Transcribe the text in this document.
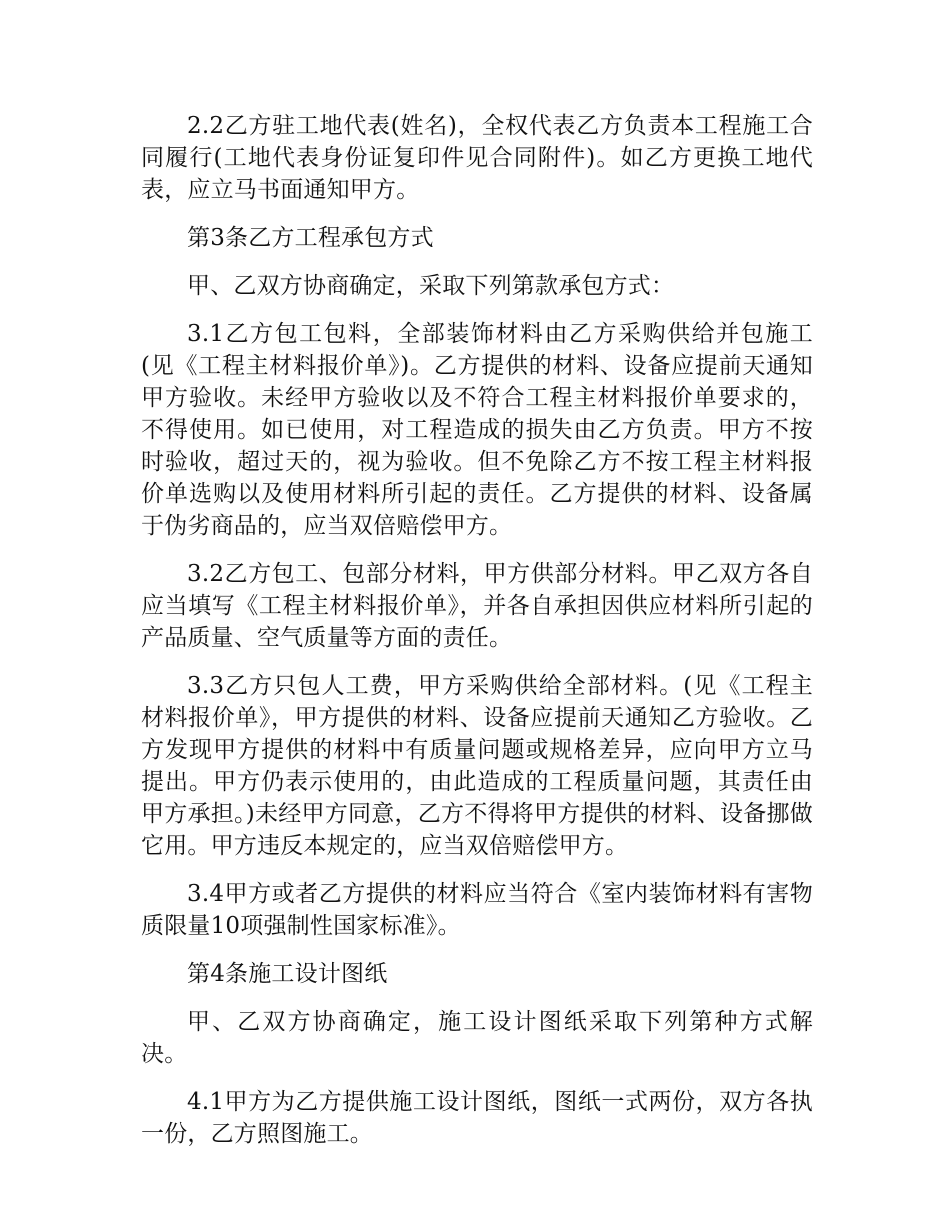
2.2乙方驻工地代表(姓名)，全权代表乙方负责本工程施工合同履行(工地代表身份证复印件见合同附件)。如乙方更换工地代表，应立马书面通知甲方。

第3条乙方工程承包方式

甲、乙双方协商确定，采取下列第款承包方式：

3.1乙方包工包料，全部装饰材料由乙方采购供给并包施工(见《工程主材料报价单》)。乙方提供的材料、设备应提前天通知甲方验收。未经甲方验收以及不符合工程主材料报价单要求的，不得使用。如已使用，对工程造成的损失由乙方负责。甲方不按时验收，超过天的，视为验收。但不免除乙方不按工程主材料报价单选购以及使用材料所引起的责任。乙方提供的材料、设备属于伪劣商品的，应当双倍赔偿甲方。

3.2乙方包工、包部分材料，甲方供部分材料。甲乙双方各自应当填写《工程主材料报价单》，并各自承担因供应材料所引起的产品质量、空气质量等方面的责任。

3.3乙方只包人工费，甲方采购供给全部材料。(见《工程主材料报价单》，甲方提供的材料、设备应提前天通知乙方验收。乙方发现甲方提供的材料中有质量问题或规格差异，应向甲方立马提出。甲方仍表示使用的，由此造成的工程质量问题，其责任由甲方承担。)未经甲方同意，乙方不得将甲方提供的材料、设备挪做它用。甲方违反本规定的，应当双倍赔偿甲方。

3.4甲方或者乙方提供的材料应当符合《室内装饰材料有害物质限量10项强制性国家标准》。

第4条施工设计图纸

甲、乙双方协商确定，施工设计图纸采取下列第种方式解决。

4.1甲方为乙方提供施工设计图纸，图纸一式两份，双方各执一份，乙方照图施工。
